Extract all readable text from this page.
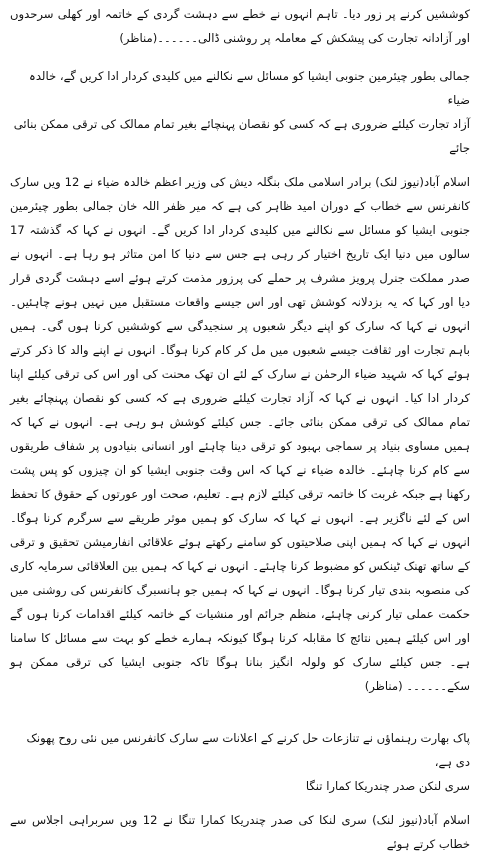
کوششیں کرنے پر زور دیا۔ تاہم انہوں نے خطے سے دہشت گردی کے خاتمہ اور کھلی سرحدوں اور آزادانہ تجارت کی پیشکش کے معاملہ پر روشنی ڈالی۔۔۔۔۔۔(مناظر)

جمالی بطور چیئرمین جنوبی ایشیا کو مسائل سے نکالنے میں کلیدی کردار ادا کریں گے، خالدہ ضیاء

آزاد تجارت کیلئے ضروری ہے کہ کسی کو نقصان پہنچائے بغیر تمام ممالک کی ترقی ممکن بنائی جائے

اسلام آباد(نیوز لنک) برادر اسلامی ملک بنگلہ دیش کی وزیر اعظم خالدہ ضیاء نے 12 ویں سارک کانفرنس سے خطاب کے دوران امید ظاہر کی ہے کہ میر ظفر اللہ خان جمالی بطور چیئرمین جنوبی ایشیا کو مسائل سے نکالنے میں کلیدی کردار ادا کریں گے۔ انہوں نے کہا کہ گذشتہ 17 سالوں میں دنیا ایک تاریخ اختیار کر رہی ہے جس سے دنیا کا امن متاثر ہو رہا ہے۔ انہوں نے صدر مملکت جنرل پرویز مشرف پر حملے کی پرزور مذمت کرتے ہوئے اسے دہشت گردی قرار دیا اور کہا کہ یہ بزدلانہ کوشش تھی اور اس جیسے واقعات مستقبل میں نہیں ہونے چاہئیں۔ انہوں نے کہا کہ سارک کو اپنے دیگر شعبوں پر سنجیدگی سے کوششیں کرنا ہوں گی۔ ہمیں باہم تجارت اور ثقافت جیسے شعبوں میں مل کر کام کرنا ہوگا۔ انہوں نے اپنے والد کا ذکر کرتے ہوئے کہا کہ شہید ضیاء الرحمٰن نے سارک کے لئے ان تھک محنت کی اور اس کی ترقی کیلئے اپنا کردار ادا کیا۔ انہوں نے کہا کہ آزاد تجارت کیلئے ضروری ہے کہ کسی کو نقصان پہنچائے بغیر تمام ممالک کی ترقی ممکن بنائی جائے۔ جس کیلئے کوشش ہو رہی ہے۔ انہوں نے کہا کہ ہمیں مساوی بنیاد پر سماجی بہبود کو ترقی دینا چاہئے اور انسانی بنیادوں پر شفاف طریقوں سے کام کرنا چاہئے۔ خالدہ ضیاء نے کہا کہ اس وقت جنوبی ایشیا کو ان چیزوں کو پس پشت رکھنا ہے جبکہ غربت کا خاتمہ ترقی کیلئے لازم ہے۔ تعلیم، صحت اور عورتوں کے حقوق کا تحفظ اس کے لئے ناگزیر ہے۔ انہوں نے کہا کہ سارک کو ہمیں موثر طریقے سے سرگرم کرنا ہوگا۔ انہوں نے کہا کہ ہمیں اپنی صلاحیتوں کو سامنے رکھتے ہوئے علاقائی انفارمیشن تحقیق و ترقی کے ساتھ تھنک ٹینکس کو مضبوط کرنا چاہئے۔ انہوں نے کہا کہ ہمیں بین العلاقائی سرمایہ کاری کی منصوبہ بندی تیار کرنا ہوگا۔ انہوں نے کہا کہ ہمیں جو ہانسبرگ کانفرنس کی روشنی میں حکمت عملی تیار کرنی چاہئے، منظم جرائم اور منشیات کے خاتمہ کیلئے اقدامات کرنا ہوں گے اور اس کیلئے ہمیں نتائج کا مقابلہ کرنا ہوگا کیونکہ ہمارے خطے کو بہت سے مسائل کا سامنا ہے۔ جس کیلئے سارک کو ولولہ انگیز بنانا ہوگا تاکہ جنوبی ایشیا کی ترقی ممکن ہو سکے۔۔۔۔۔۔ (مناظر)

پاک بھارت رہنماؤں نے تنازعات حل کرنے کے اعلانات سے سارک کانفرنس میں نئی روح پھونک دی ہے،

سری لنکن صدر چندریکا کمارا تنگا

اسلام آباد(نیوز لنک) سری لنکا کی صدر چندریکا کمارا تنگا نے 12 ویں سربراہی اجلاس سے خطاب کرتے ہوئے
